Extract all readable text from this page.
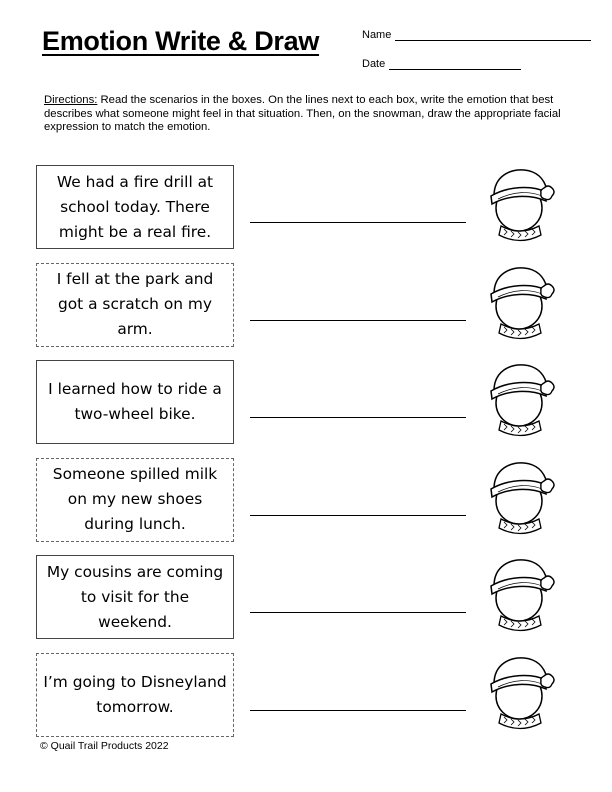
Emotion Write & Draw	Name
Date

Directions: Read the scenarios in the boxes. On the lines next to each box, write the emotion that best describes what someone might feel in that situation. Then, on the snowman, draw the appropriate facial expression to match the emotion.

We had a fire drill at school today. There might be a real fire.
I fell at the park and got a scratch on my arm.
I learned how to ride a two-wheel bike.
Someone spilled milk on my new shoes during lunch.
My cousins are coming to visit for the weekend.
I’m going to Disneyland tomorrow.

© Quail Trail Products 2022
